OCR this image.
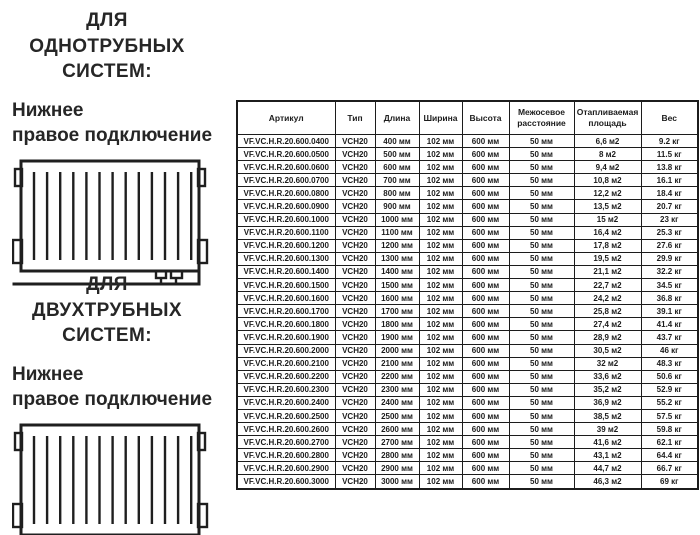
ДЛЯ ОДНОТРУБНЫХ
СИСТЕМ:
Нижнее
правое подключение
ДЛЯ ДВУХТРУБНЫХ
СИСТЕМ:
Нижнее
правое подключение
Артикул	Тип	Длина	Ширина	Высота	Межосевое расстояние	Отапливаемая площадь	Вес
VF.VC.H.R.20.600.0400	VCH20	400 мм	102 мм	600 мм	50 мм	6,6 м2	9.2 кг
VF.VC.H.R.20.600.0500	VCH20	500 мм	102 мм	600 мм	50 мм	8 м2	11.5 кг
VF.VC.H.R.20.600.0600	VCH20	600 мм	102 мм	600 мм	50 мм	9,4 м2	13.8 кг
VF.VC.H.R.20.600.0700	VCH20	700 мм	102 мм	600 мм	50 мм	10,8 м2	16.1 кг
VF.VC.H.R.20.600.0800	VCH20	800 мм	102 мм	600 мм	50 мм	12,2 м2	18.4 кг
VF.VC.H.R.20.600.0900	VCH20	900 мм	102 мм	600 мм	50 мм	13,5 м2	20.7 кг
VF.VC.H.R.20.600.1000	VCH20	1000 мм	102 мм	600 мм	50 мм	15 м2	23 кг
VF.VC.H.R.20.600.1100	VCH20	1100 мм	102 мм	600 мм	50 мм	16,4 м2	25.3 кг
VF.VC.H.R.20.600.1200	VCH20	1200 мм	102 мм	600 мм	50 мм	17,8 м2	27.6 кг
VF.VC.H.R.20.600.1300	VCH20	1300 мм	102 мм	600 мм	50 мм	19,5 м2	29.9 кг
VF.VC.H.R.20.600.1400	VCH20	1400 мм	102 мм	600 мм	50 мм	21,1 м2	32.2 кг
VF.VC.H.R.20.600.1500	VCH20	1500 мм	102 мм	600 мм	50 мм	22,7 м2	34.5 кг
VF.VC.H.R.20.600.1600	VCH20	1600 мм	102 мм	600 мм	50 мм	24,2 м2	36.8 кг
VF.VC.H.R.20.600.1700	VCH20	1700 мм	102 мм	600 мм	50 мм	25,8 м2	39.1 кг
VF.VC.H.R.20.600.1800	VCH20	1800 мм	102 мм	600 мм	50 мм	27,4 м2	41.4 кг
VF.VC.H.R.20.600.1900	VCH20	1900 мм	102 мм	600 мм	50 мм	28,9 м2	43.7 кг
VF.VC.H.R.20.600.2000	VCH20	2000 мм	102 мм	600 мм	50 мм	30,5 м2	46 кг
VF.VC.H.R.20.600.2100	VCH20	2100 мм	102 мм	600 мм	50 мм	32 м2	48.3 кг
VF.VC.H.R.20.600.2200	VCH20	2200 мм	102 мм	600 мм	50 мм	33,6 м2	50.6 кг
VF.VC.H.R.20.600.2300	VCH20	2300 мм	102 мм	600 мм	50 мм	35,2 м2	52.9 кг
VF.VC.H.R.20.600.2400	VCH20	2400 мм	102 мм	600 мм	50 мм	36,9 м2	55.2 кг
VF.VC.H.R.20.600.2500	VCH20	2500 мм	102 мм	600 мм	50 мм	38,5 м2	57.5 кг
VF.VC.H.R.20.600.2600	VCH20	2600 мм	102 мм	600 мм	50 мм	39 м2	59.8 кг
VF.VC.H.R.20.600.2700	VCH20	2700 мм	102 мм	600 мм	50 мм	41,6 м2	62.1 кг
VF.VC.H.R.20.600.2800	VCH20	2800 мм	102 мм	600 мм	50 мм	43,1 м2	64.4 кг
VF.VC.H.R.20.600.2900	VCH20	2900 мм	102 мм	600 мм	50 мм	44,7 м2	66.7 кг
VF.VC.H.R.20.600.3000	VCH20	3000 мм	102 мм	600 мм	50 мм	46,3 м2	69 кг
